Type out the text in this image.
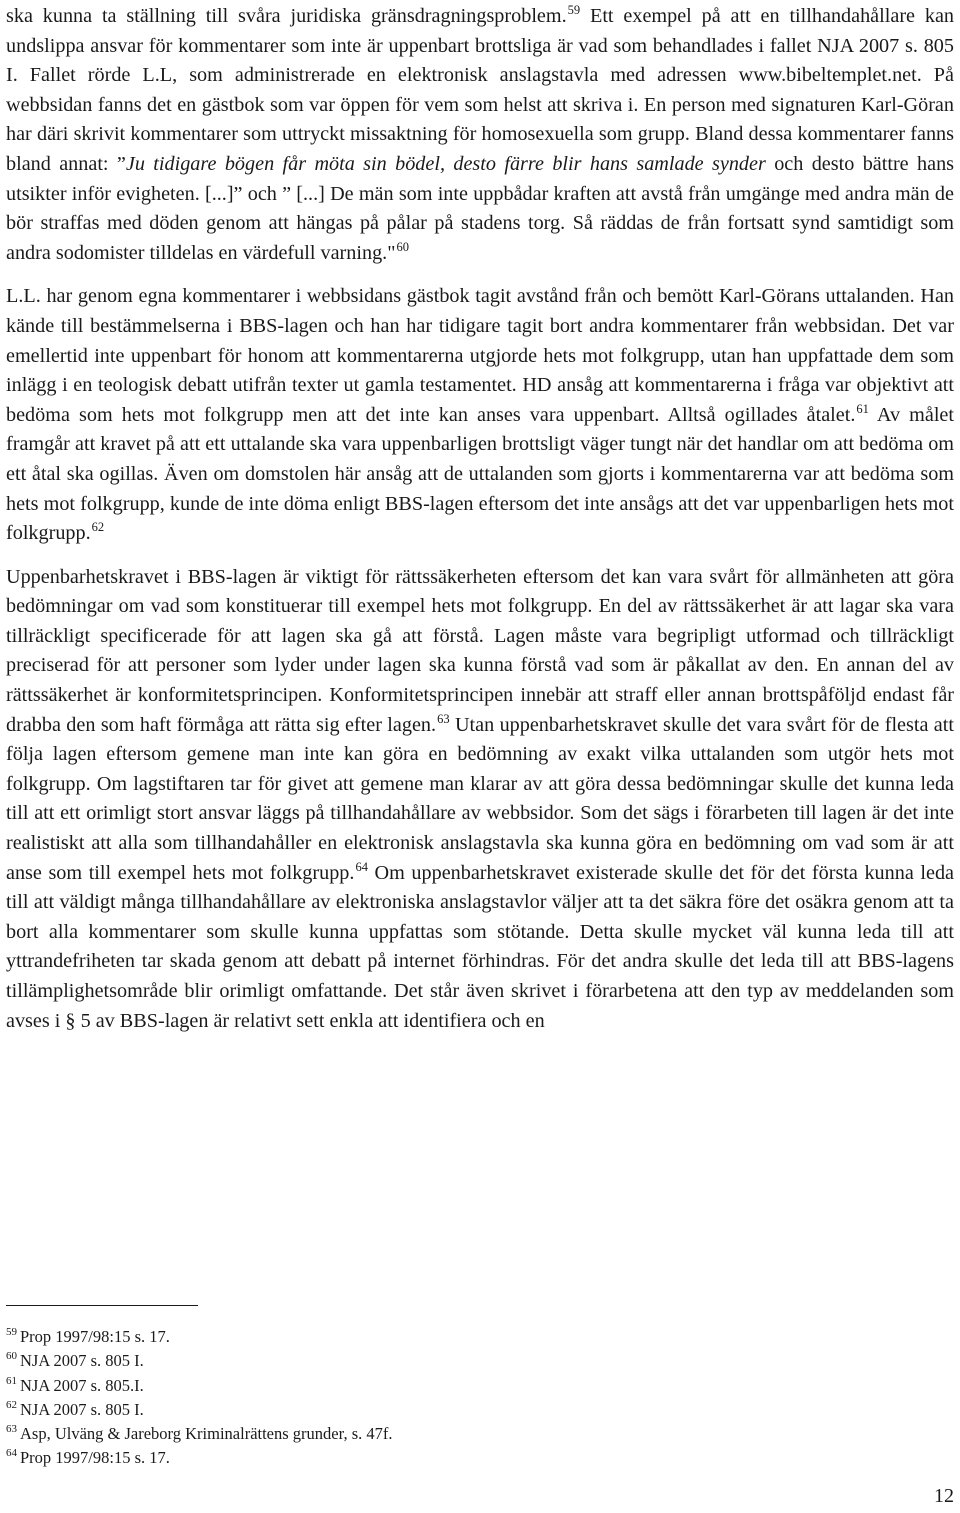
ska kunna ta ställning till svåra juridiska gränsdragningsproblem.$^{59}$ Ett exempel på att en tillhandahållare kan undslippa ansvar för kommentarer som inte är uppenbart brottsliga är vad som behandlades i fallet NJA 2007 s. 805 I. Fallet rörde L.L, som administrerade en elektronisk anslagstavla med adressen www.bibeltemplet.net. På webbsidan fanns det en gästbok som var öppen för vem som helst att skriva i. En person med signaturen Karl-Göran har däri skrivit kommentarer som uttryckt missaktning för homosexuella som grupp. Bland dessa kommentarer fanns bland annat: ”Ju tidigare bögen får möta sin bödel, desto färre blir hans samlade synder och desto bättre hans utsikter inför evigheten. [...]” och ” [...] De män som inte uppbådar kraften att avstå från umgänge med andra män de bör straffas med döden genom att hängas på pålar på stadens torg. Så räddas de från fortsatt synd samtidigt som andra sodomister tilldelas en värdefull varning."$^{60}$

L.L. har genom egna kommentarer i webbsidans gästbok tagit avstånd från och bemött Karl-Görans uttalanden. Han kände till bestämmelserna i BBS-lagen och han har tidigare tagit bort andra kommentarer från webbsidan. Det var emellertid inte uppenbart för honom att kommentarerna utgjorde hets mot folkgrupp, utan han uppfattade dem som inlägg i en teologisk debatt utifrån texter ut gamla testamentet. HD ansåg att kommentarerna i fråga var objektivt att bedöma som hets mot folkgrupp men att det inte kan anses vara uppenbart. Alltså ogillades åtalet.$^{61}$ Av målet framgår att kravet på att ett uttalande ska vara uppenbarligen brottsligt väger tungt när det handlar om att bedöma om ett åtal ska ogillas. Även om domstolen här ansåg att de uttalanden som gjorts i kommentarerna var att bedöma som hets mot folkgrupp, kunde de inte döma enligt BBS-lagen eftersom det inte ansågs att det var uppenbarligen hets mot folkgrupp.$^{62}$

Uppenbarhetskravet i BBS-lagen är viktigt för rättssäkerheten eftersom det kan vara svårt för allmänheten att göra bedömningar om vad som konstituerar till exempel hets mot folkgrupp. En del av rättssäkerhet är att lagar ska vara tillräckligt specificerade för att lagen ska gå att förstå. Lagen måste vara begripligt utformad och tillräckligt preciserad för att personer som lyder under lagen ska kunna förstå vad som är påkallat av den. En annan del av rättssäkerhet är konformitetsprincipen. Konformitetsprincipen innebär att straff eller annan brottspåföljd endast får drabba den som haft förmåga att rätta sig efter lagen.$^{63}$ Utan uppenbarhetskravet skulle det vara svårt för de flesta att följa lagen eftersom gemene man inte kan göra en bedömning av exakt vilka uttalanden som utgör hets mot folkgrupp. Om lagstiftaren tar för givet att gemene man klarar av att göra dessa bedömningar skulle det kunna leda till att ett orimligt stort ansvar läggs på tillhandahållare av webbsidor. Som det sägs i förarbeten till lagen är det inte realistiskt att alla som tillhandahåller en elektronisk anslagstavla ska kunna göra en bedömning om vad som är att anse som till exempel hets mot folkgrupp.$^{64}$ Om uppenbarhetskravet existerade skulle det för det första kunna leda till att väldigt många tillhandahållare av elektroniska anslagstavlor väljer att ta det säkra före det osäkra genom att ta bort alla kommentarer som skulle kunna uppfattas som stötande. Detta skulle mycket väl kunna leda till att yttrandefriheten tar skada genom att debatt på internet förhindras. För det andra skulle det leda till att BBS-lagens tillämplighetsområde blir orimligt omfattande. Det står även skrivet i förarbetena att den typ av meddelanden som avses i § 5 av BBS-lagen är relativt sett enkla att identifiera och en

$^{59}$ Prop 1997/98:15 s. 17.

$^{60}$ NJA 2007 s. 805 I.

$^{61}$ NJA 2007 s. 805.I.

$^{62}$ NJA 2007 s. 805 I.

$^{63}$ Asp, Ulväng & Jareborg Kriminalrättens grunder, s. 47f.

$^{64}$ Prop 1997/98:15 s. 17.

12
